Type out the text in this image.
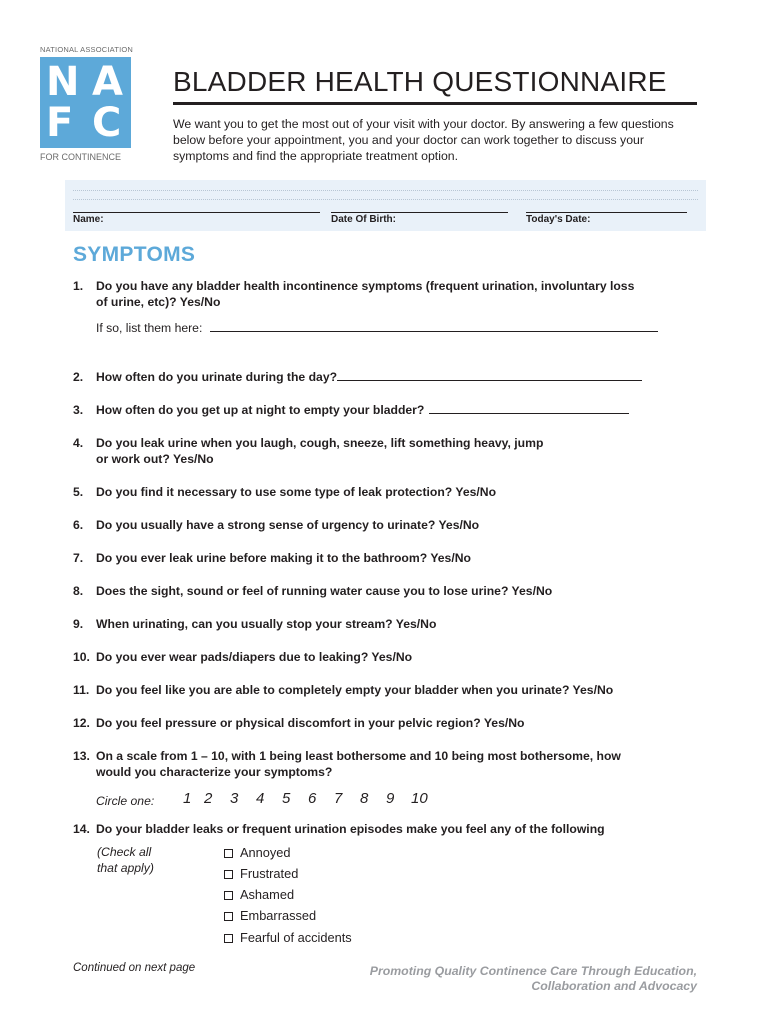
NATIONAL ASSOCIATION
N A
F C
FOR CONTINENCE
BLADDER HEALTH QUESTIONNAIRE
We want you to get the most out of your visit with your doctor. By answering a few questions below before your appointment, you and your doctor can work together to discuss your symptoms and find the appropriate treatment option.
Name:	Date Of Birth:	Today's Date:
SYMPTOMS
1. Do you have any bladder health incontinence symptoms (frequent urination, involuntary loss
of urine, etc)? Yes/No
If so, list them here:
2. How often do you urinate during the day?
3. How often do you get up at night to empty your bladder?
4. Do you leak urine when you laugh, cough, sneeze, lift something heavy, jump
or work out? Yes/No
5. Do you find it necessary to use some type of leak protection? Yes/No
6. Do you usually have a strong sense of urgency to urinate? Yes/No
7. Do you ever leak urine before making it to the bathroom? Yes/No
8. Does the sight, sound or feel of running water cause you to lose urine? Yes/No
9. When urinating, can you usually stop your stream? Yes/No
10. Do you ever wear pads/diapers due to leaking? Yes/No
11. Do you feel like you are able to completely empty your bladder when you urinate? Yes/No
12. Do you feel pressure or physical discomfort in your pelvic region? Yes/No
13. On a scale from 1 – 10, with 1 being least bothersome and 10 being most bothersome, how
would you characterize your symptoms?
Circle one: 1 2 3 4 5 6 7 8 9 10
14. Do your bladder leaks or frequent urination episodes make you feel any of the following
(Check all
that apply)
Annoyed
Frustrated
Ashamed
Embarrassed
Fearful of accidents
Continued on next page	Promoting Quality Continence Care Through Education,
Collaboration and Advocacy
